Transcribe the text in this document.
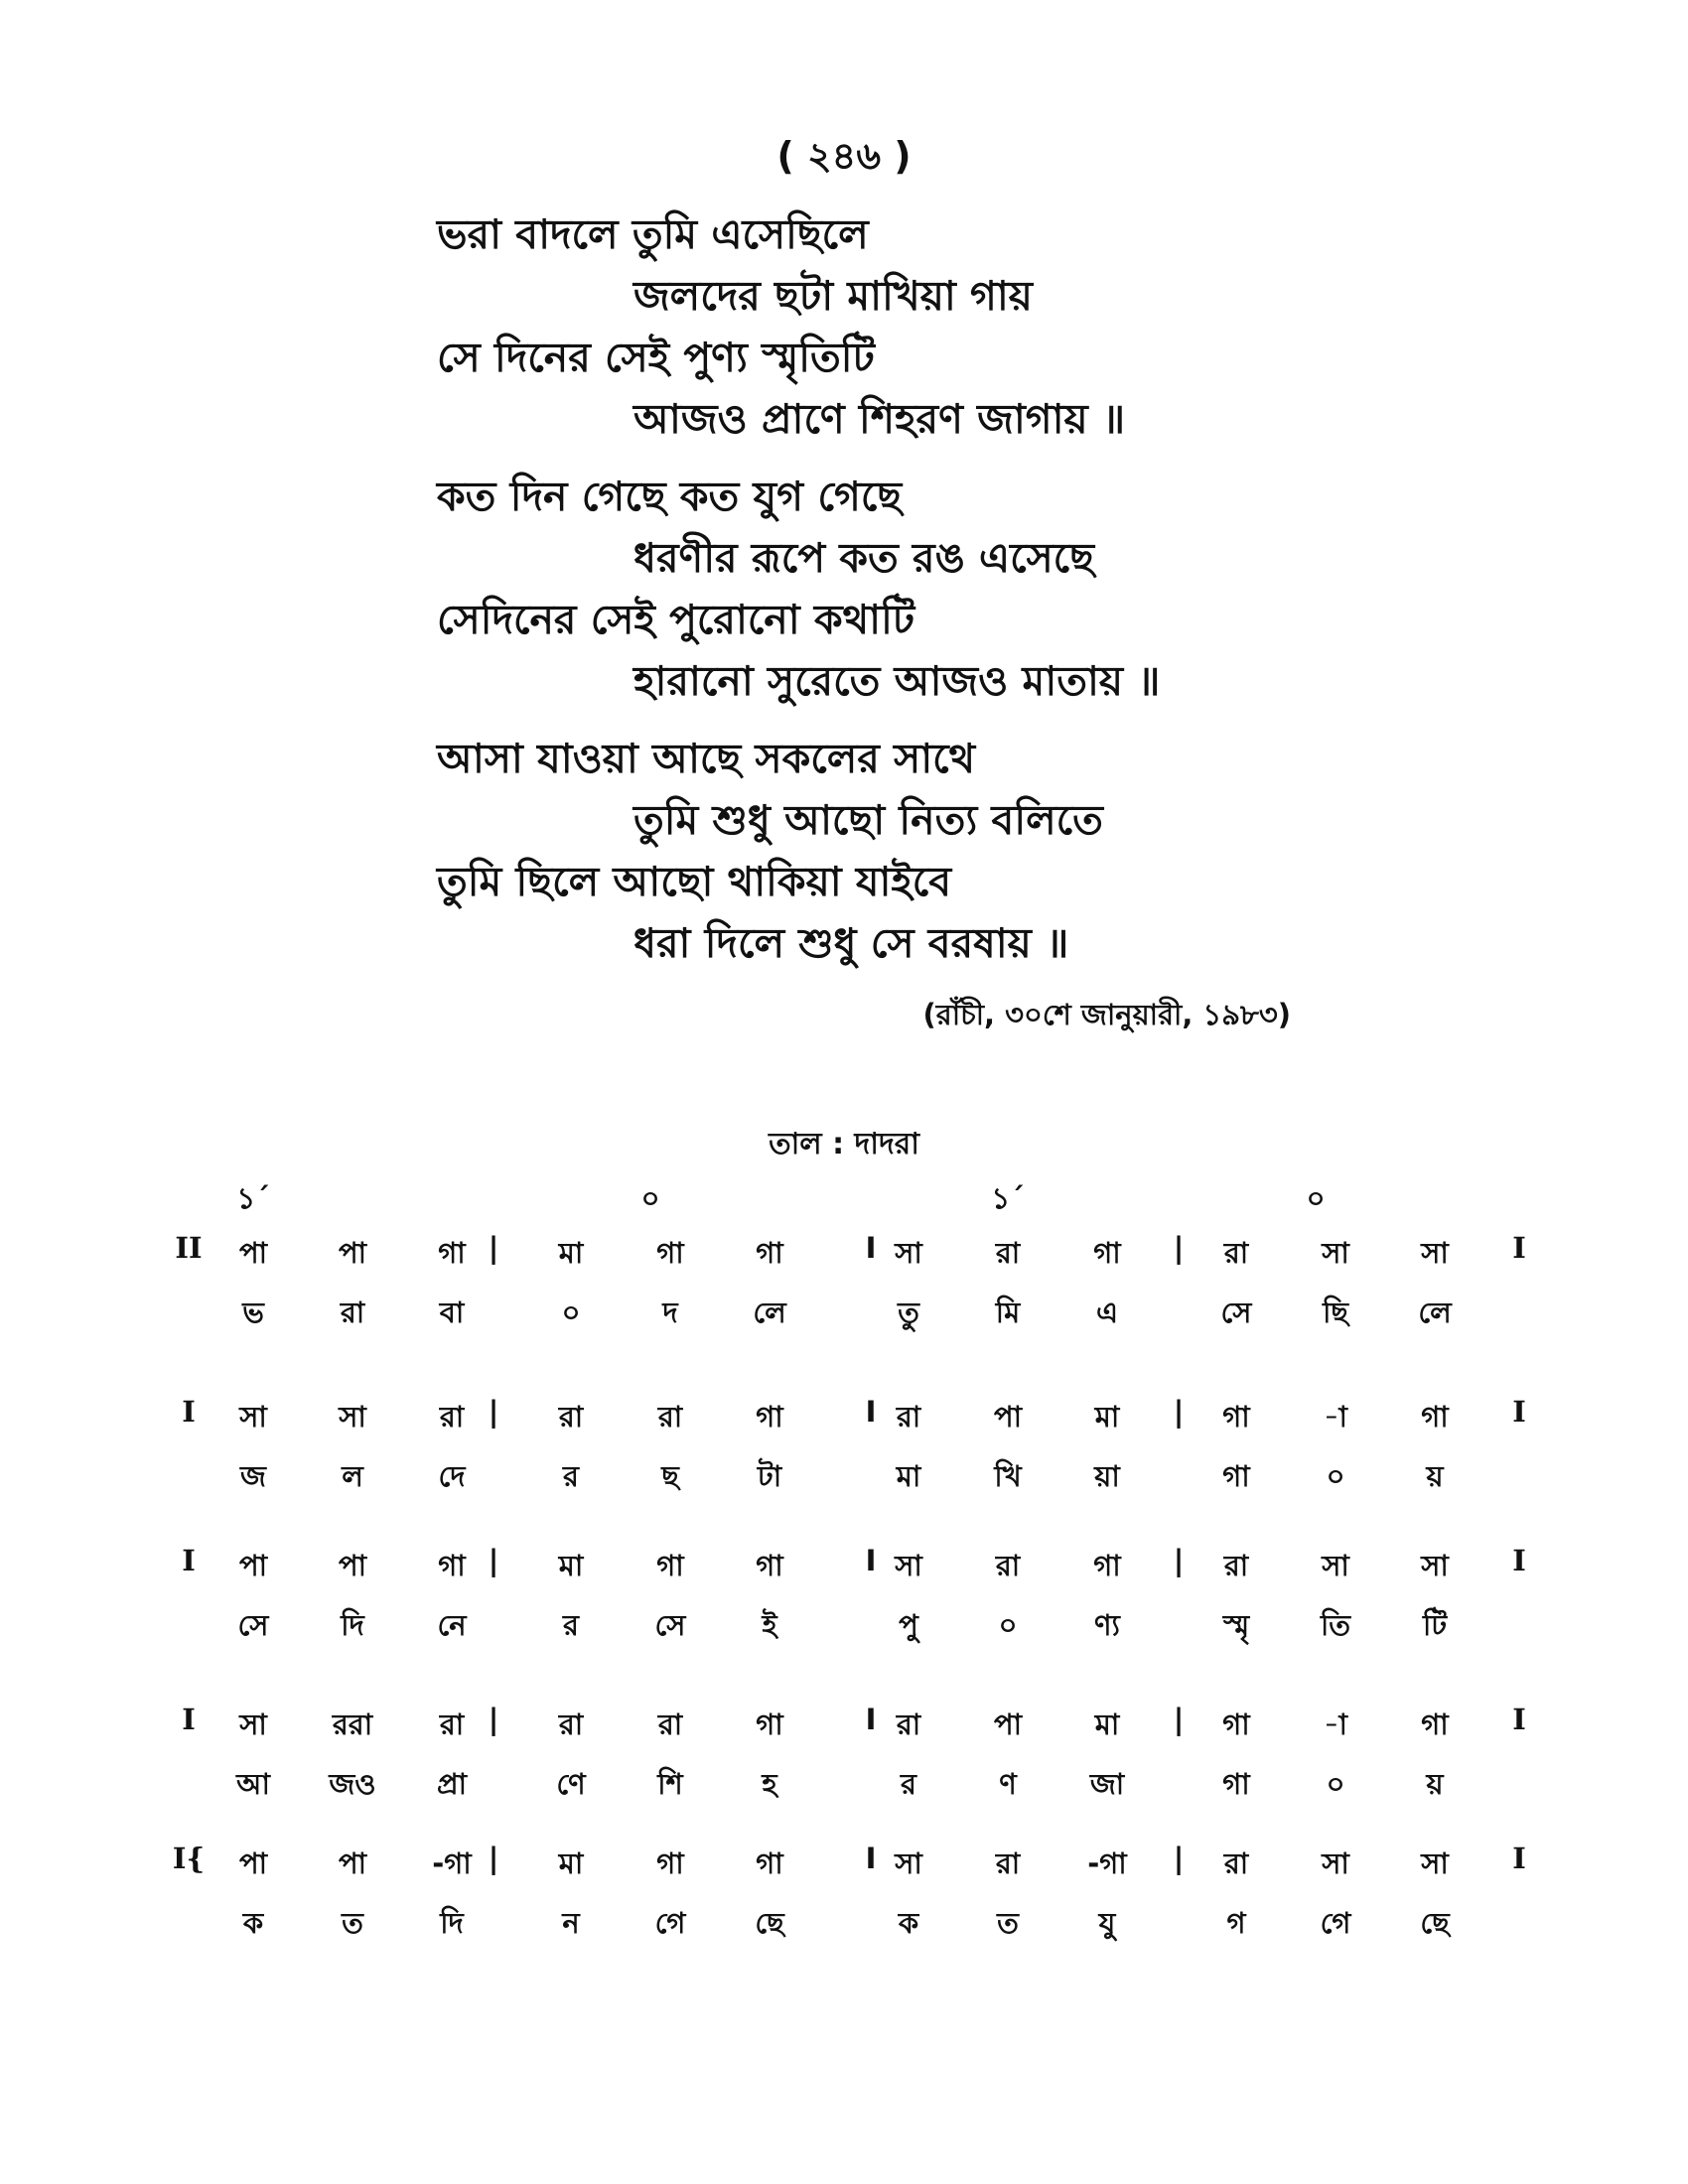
( ২৪৬ )
ভরা বাদলে তুমি এসেছিলে
জলদের ছটা মাখিয়া গায়
সে দিনের সেই পুণ্য স্মৃতিটি
আজও প্রাণে শিহরণ জাগায় ॥
কত দিন গেছে কত যুগ গেছে
ধরণীর রূপে কত রঙ এসেছে
সেদিনের সেই পুরোনো কথাটি
হারানো সুরেতে আজও মাতায় ॥
আসা যাওয়া আছে সকলের সাথে
তুমি শুধু আছো নিত্য বলিতে
তুমি ছিলে আছো থাকিয়া যাইবে
ধরা দিলে শুধু সে বরষায় ॥
(রাঁচী, ৩০শে জানুয়ারী, ১৯৮৩)
তাল : দাদরা
১´	০	১´	০
II	I
পা	পা	গা |	মা	গা	গা	I সা	রা	গা	|	রা	সা	সা
ভ	রা	বা	০	দ	লে	তু	মি	এ	সে	ছি	লে
I	I
সা	সা	রা |	রা	রা	গা	I রা	পা	মা	|	গা	-া	গা
জ	ল	দে	র	ছ	টা	মা	খি	য়া	গা	০	য়
I	I
পা	পা	গা |	মা	গা	গা	I সা	রা	গা	|	রা	সা	সা
সে	দি	নে	র	সে	ই	পু	০	ণ্য	স্মৃ	তি	টি
I	I
সা	ররা	রা |	রা	রা	গা	I রা	পা	মা	|	গা	-া	গা
আ	জও	প্রা	ণে	শি	হ	র	ণ	জা	গা	০	য়
I{	I
পা	পা	-গা |	মা	গা	গা	I সা	রা	-গা	|	রা	সা	সা
ক	ত	দি	ন	গে	ছে	ক	ত	যু	গ	গে	ছে
